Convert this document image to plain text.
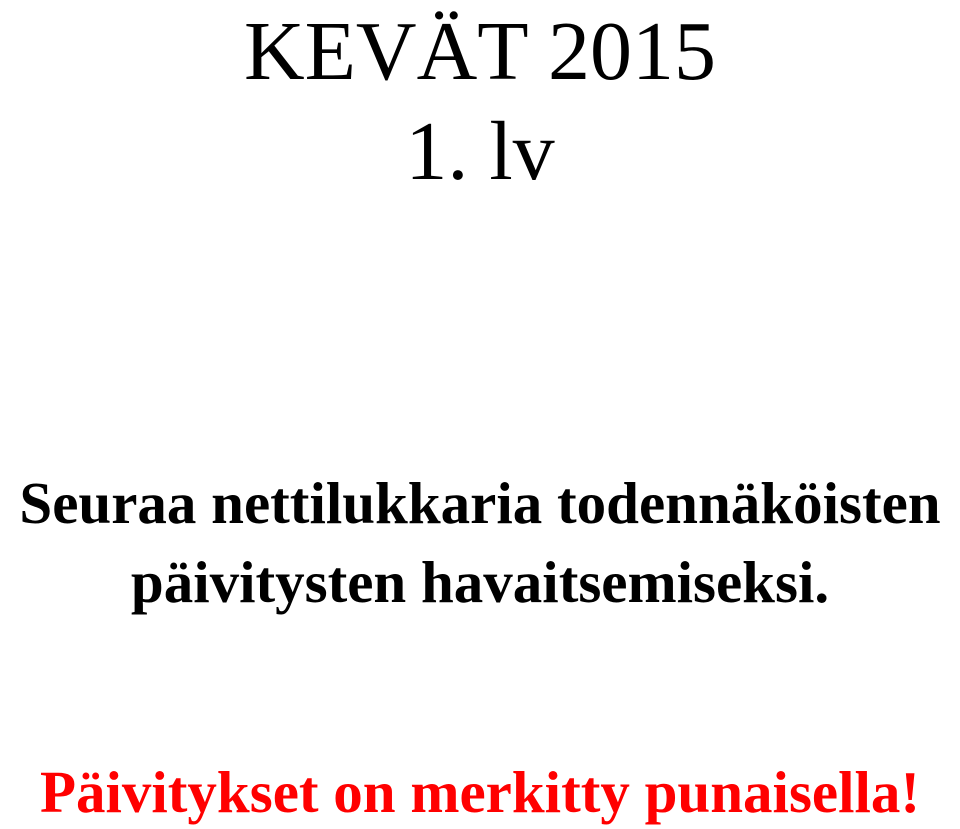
KEVÄT 2015
1. lv

Seuraa nettilukkaria todennäköisten

päivitysten havaitsemiseksi.

Päivitykset on merkitty punaisella!
